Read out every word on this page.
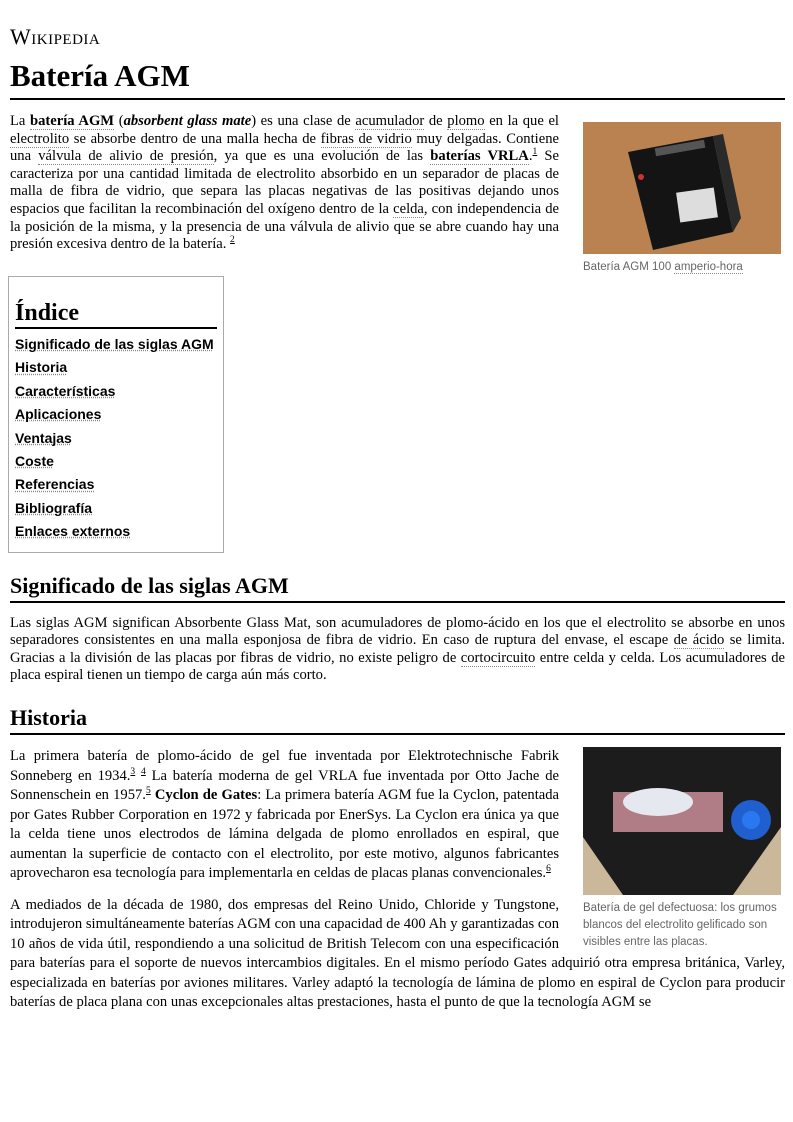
Wikipedia
Batería AGM
Batería AGM 100 amperio-hora

La batería AGM (absorbent glass mate) es una clase de acumulador de plomo en la que el electrolito se absorbe dentro de una malla hecha de fibras de vidrio muy delgadas. Contiene una válvula de alivio de presión, ya que es una evolución de las baterías VRLA.$^1$ Se caracteriza por una cantidad limitada de electrolito absorbido en un separador de placas de malla de fibra de vidrio, que separa las placas negativas de las positivas dejando unos espacios que facilitan la recombinación del oxígeno dentro de la celda, con independencia de la posición de la misma, y la presencia de una válvula de alivio que se abre cuando hay una presión excesiva dentro de la batería. $^2$

Índice
Significado de las siglas AGM
Historia
Características
Aplicaciones
Ventajas
Coste
Referencias
Bibliografía
Enlaces externos
Significado de las siglas AGM

Las siglas AGM significan Absorbente Glass Mat, son acumuladores de plomo-ácido en los que el electrolito se absorbe en unos separadores consistentes en una malla esponjosa de fibra de vidrio. En caso de ruptura del envase, el escape de ácido se limita. Gracias a la división de las placas por fibras de vidrio, no existe peligro de cortocircuito entre celda y celda. Los acumuladores de placa espiral tienen un tiempo de carga aún más corto.

Historia
Batería de gel defectuosa: los grumos blancos del electrolito gelificado son visibles entre las placas.

La primera batería de plomo-ácido de gel fue inventada por Elektrotechnische Fabrik Sonneberg en 1934.$^3$ $^4$ La batería moderna de gel VRLA fue inventada por Otto Jache de Sonnenschein en 1957.$^5$ Cyclon de Gates: La primera batería AGM fue la Cyclon, patentada por Gates Rubber Corporation en 1972 y fabricada por EnerSys. La Cyclon era única ya que la celda tiene unos electrodos de lámina delgada de plomo enrollados en espiral, que aumentan la superficie de contacto con el electrolito, por este motivo, algunos fabricantes aprovecharon esa tecnología para implementarla en celdas de placas planas convencionales.$^6$

A mediados de la década de 1980, dos empresas del Reino Unido, Chloride y Tungstone, introdujeron simultáneamente baterías AGM con una capacidad de 400 Ah y garantizadas con 10 años de vida útil, respondiendo a una solicitud de British Telecom con una especificación para baterías para el soporte de nuevos intercambios digitales. En el mismo período Gates adquirió otra empresa británica, Varley, especializada en baterías por aviones militares. Varley adaptó la tecnología de lámina de plomo en espiral de Cyclon para producir baterías de placa plana con unas excepcionales altas prestaciones, hasta el punto de que la tecnología AGM se
